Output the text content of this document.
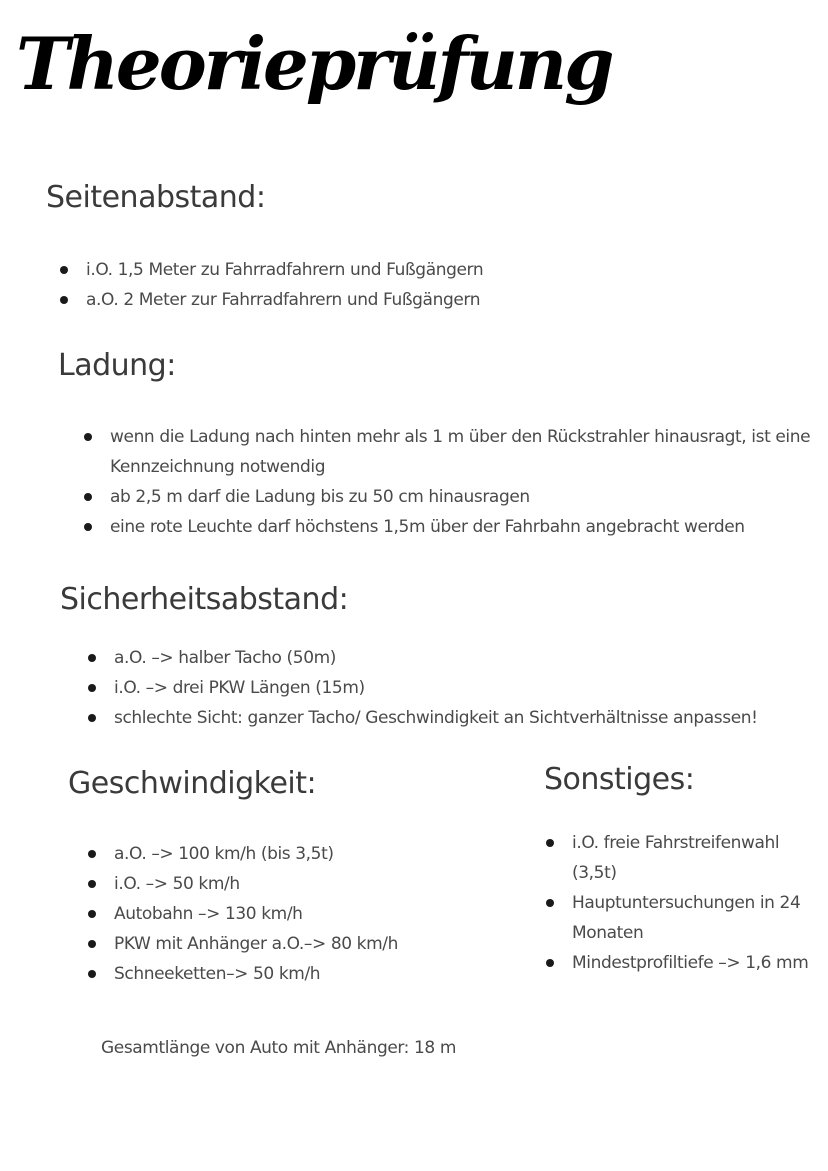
Theorieprüfung
Seitenabstand:
i.O. 1,5 Meter zu Fahrradfahrern und Fußgängern
a.O. 2 Meter zur Fahrradfahrern und Fußgängern
Ladung:
wenn die Ladung nach hinten mehr als 1 m über den Rückstrahler hinausragt, ist eine Kennzeichnung notwendig
ab 2,5 m darf die Ladung bis zu 50 cm hinausragen
eine rote Leuchte darf höchstens 1,5m über der Fahrbahn angebracht werden
Sicherheitsabstand:
a.O. –> halber Tacho (50m)
i.O. –> drei PKW Längen (15m)
schlechte Sicht: ganzer Tacho/ Geschwindigkeit an Sichtverhältnisse anpassen!
Geschwindigkeit:
a.O. –> 100 km/h (bis 3,5t)
i.O. –> 50 km/h
Autobahn –> 130 km/h
PKW mit Anhänger a.O.–> 80 km/h
Schneeketten–> 50 km/h
Sonstiges:
i.O. freie Fahrstreifenwahl (3,5t)
Hauptuntersuchungen in 24 Monaten
Mindestprofiltiefe –> 1,6 mm

Gesamtlänge von Auto mit Anhänger: 18 m
